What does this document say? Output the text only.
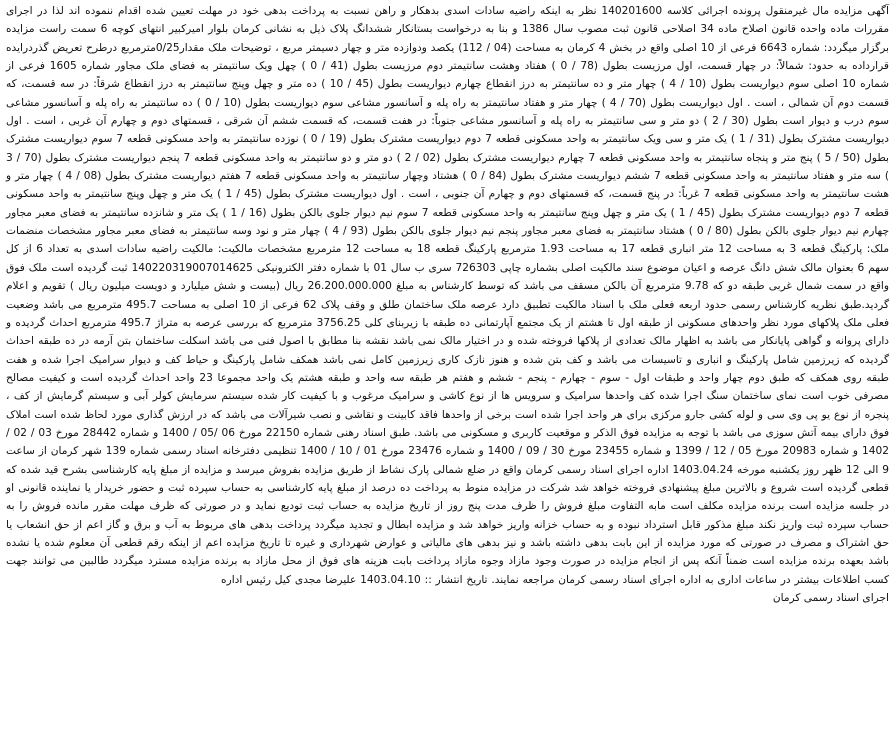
آگهی مزایده مال غیرمنقول پرونده اجرائی کلاسه 140201600 نظر به اینکه راضیه سادات اسدی بدهکار و راهن نسبت به پرداخت بدهی خود در مهلت تعیین شده اقدام ننموده اند لذا در اجرای مقررات ماده واحده قانون اصلاح ماده 34 اصلاحی قانون ثبت مصوب سال 1386 و بنا به درخواست بستانکار ششدانگ پلاک ذیل به نشانی کرمان بلوار امیرکبیر انتهای کوچه 6 سمت راست مزایده برگزار میگردد: شماره 6643 فرعی از 10 اصلی واقع در بخش 4 کرمان به مساحت (04 / 112) یکصد ودوازده متر و چهار دسیمتر مربع ، توضیحات ملک مقدار0/25مترمربع درطرح تعریض گذردرایده قرارداده به حدود: شمالاً: در چهار قسمت، اول مرزیست بطول (78 / 0 ) هفتاد وهشت سانتیمتر دوم مرزیست بطول (41 / 0 ) چهل ویک سانتیمتر به فضای ملک مجاور شماره 1605 فرعی از شماره 10 اصلی سوم دیواریست بطول (10 / 4 ) چهار متر و ده سانتیمتر به درز انقطاع چهارم دیواریست بطول (45 / 10 ) ده متر و چهل وپنج سانتیمتر به درز انقطاع شرقاً: در سه قسمت، که قسمت دوم آن شمالی ، است . اول دیواریست بطول (70 / 4 ) چهار متر و هفتاد سانتیمتر به راه پله و آسانسور مشاعی سوم دیواریست بطول (10 / 0 ) ده سانتیمتر به راه پله و آسانسور مشاعی سوم درب و دیوار است بطول (30 / 2 ) دو متر و سی سانتیمتر به راه پله و آسانسور مشاعی جنوباً: در هفت قسمت، که قسمت ششم آن شرقی ، قسمتهای دوم و چهارم آن غربی ، است . اول دیواریست مشترک بطول (31 / 1 ) یک متر و سی ویک سانتیمتر به واحد مسکونی قطعه 7 دوم دیواریست مشترک بطول (19 / 0 ) نوزده سانتیمتر به واحد مسکونی قطعه 7 سوم دیواریست مشترک بطول (50 / 5 ) پنج متر و پنجاه سانتیمتر به واحد مسکونی قطعه 7 چهارم دیواریست مشترک بطول (02 / 2 ) دو متر و دو سانتیمتر به واحد مسکونی قطعه 7 پنجم دیواریست مشترک بطول (70 / 3 ) سه متر و هفتاد سانتیمتر به واحد مسکونی قطعه 7 ششم دیواریست مشترک بطول (84 / 0 ) هشتاد وچهار سانتیمتر به واحد مسکونی قطعه 7 هفتم دیواریست مشترک بطول (08 / 4 ) چهار متر و هشت سانتیمتر به واحد مسکونی قطعه 7 غرباً: در پنج قسمت، که قسمتهای دوم و چهارم آن جنوبی ، است . اول دیواریست مشترک بطول (45 / 1 ) یک متر و چهل وپنج سانتیمتر به واحد مسکونی قطعه 7 دوم دیواریست مشترک بطول (45 / 1 ) یک متر و چهل وپنج سانتیمتر به واحد مسکونی قطعه 7 سوم نیم دیوار جلوی بالکن بطول (16 / 1 ) یک متر و شانزده سانتیمتر به فضای معبر مجاور چهارم نیم دیوار جلوی بالکن بطول (80 / 0 ) هشتاد سانتیمتر به فضای معبر مجاور پنجم نیم دیوار جلوی بالکن بطول (93 / 4 ) چهار متر و نود وسه سانتیمتر به فضای معبر مجاور مشخصات منضمات ملک: پارکینگ قطعه 3 به مساحت 12 متر انباری قطعه 17 به مساحت 1.93 مترمربع پارکینگ قطعه 18 به مساحت 12 مترمربع مشخصات مالکیت: مالکیت راضیه سادات اسدی به تعداد 6 از کل سهم 6 بعنوان مالک شش دانگ عرصه و اعیان موضوع سند مالکیت اصلی بشماره چاپی 726303 سری ب سال 01 با شماره دفتر الکترونیکی 140220319007014625 ثبت گردیده است ملک فوق واقع در سمت شمال غربی طبقه دو که 9.78 مترمربع آن بالکن مسقف می باشد که توسط کارشناس به مبلغ 26.200.000.000 ریال (بیست و شش میلیارد و دویست میلیون ریال ) تقویم و اعلام گردید.طبق نظریه کارشناس رسمی حدود اربعه فعلی ملک با اسناد مالکیت تطبیق دارد عرصه ملک ساختمان طلق و وقف پلاک 62 فرعی از 10 اصلی به مساحت 495.7 مترمربع می باشد وضعیت فعلی ملک پلاکهای مورد نظر واحدهای مسکونی از طبقه اول تا هشتم از یک مجتمع آپارتمانی ده طبقه با زیربنای کلی 3756.25 مترمربع که بررسی عرصه به متراژ 495.7 مترمربع احداث گردیده و دارای پروانه و گواهی پایانکار می باشد به اظهار مالک تعدادی از پلاکها فروخته شده و در اختیار مالک نمی باشد نقشه بنا مطابق با اصول فنی می باشد اسکلت ساختمان بتن آرمه در ده طبقه احداث گردیده که زیرزمین شامل پارکینگ و انباری و تاسیسات می باشد و کف بتن شده و هنوز نازک کاری زیرزمین کامل نمی باشد همکف شامل پارکینگ و حیاط کف و دیوار سرامیک اجرا شده و هفت طبقه روی همکف که طبق دوم چهار واحد و طبقات اول - سوم - چهارم - پنجم - ششم و هفتم هر طبقه سه واحد و طبقه هشتم یک واحد مجموعا 23 واحد احداث گردیده است و کیفیت مصالح مصرفی خوب است نمای ساختمان سنگ اجرا شده کف واحدها سرامیک و سرویس ها از نوع کاشی و سرامیک مرغوب و با کیفیت کار شده سیستم سرمایش کولر آبی و سیستم گرمایش از کف ، پنجره از نوع یو پی وی سی و لوله کشی جارو مرکزی برای هر واحد اجرا شده است برخی از واحدها فاقد کابینت و نقاشی و نصب شیرآلات می باشد که در ارزش گذاری مورد لحاظ شده است املاک فوق دارای بیمه آتش سوزی می باشد با توجه به مزایده فوق الذکر و موقعیت کاربری و مسکونی می باشد. طبق اسناد رهنی شماره 22150 مورخ 06 /05 / 1400 و شماره 28442 مورخ 03 / 02 / 1402 و شماره 20983 مورخ 05 / 12 / 1399 و شماره 23455 مورخ 30 / 09 / 1400 و شماره 23476 مورخ 01 / 10 / 1400 تنظیمی دفترخانه اسناد رسمی شماره 139 شهر کرمان از ساعت 9 الی 12 ظهر روز یکشنبه مورخه 1403.04.24 اداره اجرای اسناد رسمی کرمان واقع در ضلع شمالی پارک نشاط از طریق مزایده بفروش میرسد و مزایده از مبلغ پایه کارشناسی بشرح قید شده که قطعی گردیده است شروع و بالاترین مبلغ پیشنهادی فروخته خواهد شد شرکت در مزایده منوط به پرداخت ده درصد از مبلغ پایه کارشناسی به حساب سپرده ثبت و حضور خریدار یا نماینده قانونی او در جلسه مزایده است برنده مزایده مکلف است مابه التفاوت مبلغ فروش را ظرف مدت پنج روز از تاریخ مزایده به حساب ثبت تودیع نماید و در صورتی که ظرف مهلت مقرر مانده فروش را به حساب سپرده ثبت واریز نکند مبلغ مذکور قابل استرداد نبوده و به حساب خزانه واریز خواهد شد و مزایده ابطال و تجدید میگردد پرداخت بدهی های مربوط به آب و برق و گاز اعم از حق انشعاب یا حق اشتراک و مصرف در صورتی که مورد مزایده از این بابت بدهی داشته باشد و نیز بدهی های مالیاتی و عوارض شهرداری و غیره تا تاریخ مزایده اعم از اینکه رقم قطعی آن معلوم شده یا نشده باشد بعهده برنده مزایده است ضمناً آنکه پس از انجام مزایده در صورت وجود مازاد وجوه مازاد پرداخت بابت هزینه های فوق از محل مازاد به برنده مزایده مسترد میگردد طالبین می توانند جهت کسب اطلاعات بیشتر در ساعات اداری به اداره اجرای اسناد رسمی کرمان مراجعه نمایند. تاریخ انتشار :: 1403.04.10 علیرضا مجدی کیل رئیس اداره

اجرای اسناد رسمی کرمان
